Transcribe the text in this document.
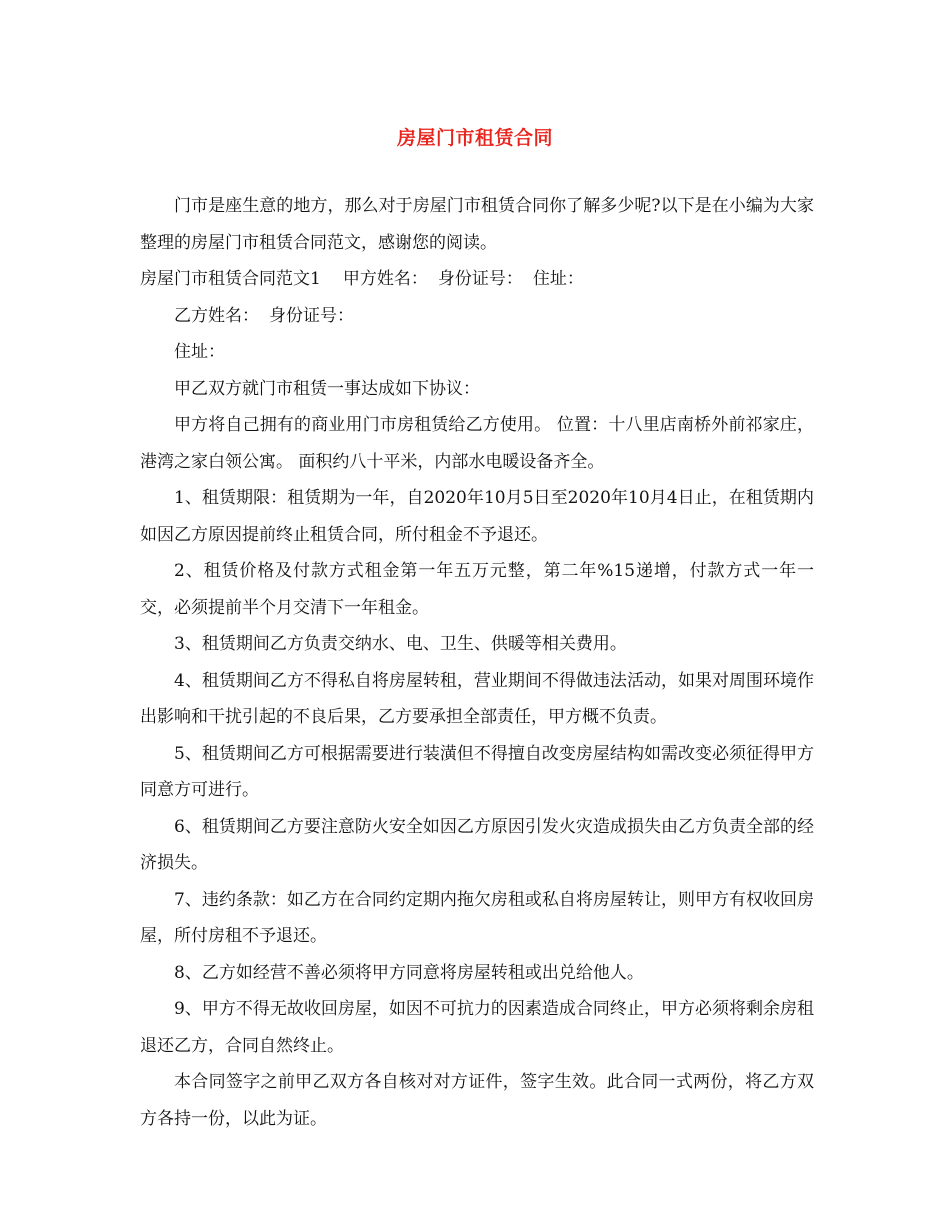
房屋门市租赁合同

门市是座生意的地方，那么对于房屋门市租赁合同你了解多少呢?以下是在小编为大家整理的房屋门市租赁合同范文，感谢您的阅读。

房屋门市租赁合同范文1 甲方姓名： 身份证号： 住址：

乙方姓名： 身份证号：

住址：

甲乙双方就门市租赁一事达成如下协议：

甲方将自己拥有的商业用门市房租赁给乙方使用。 位置：十八里店南桥外前祁家庄，港湾之家白领公寓。 面积约八十平米，内部水电暖设备齐全。

1、租赁期限：租赁期为一年，自2020年10月5日至2020年10月4日止，在租赁期内如因乙方原因提前终止租赁合同，所付租金不予退还。

2、租赁价格及付款方式租金第一年五万元整，第二年%15递增，付款方式一年一交，必须提前半个月交清下一年租金。

3、租赁期间乙方负责交纳水、电、卫生、供暖等相关费用。

4、租赁期间乙方不得私自将房屋转租，营业期间不得做违法活动，如果对周围环境作出影响和干扰引起的不良后果，乙方要承担全部责任，甲方概不负责。

5、租赁期间乙方可根据需要进行装潢但不得擅自改变房屋结构如需改变必须征得甲方同意方可进行。

6、租赁期间乙方要注意防火安全如因乙方原因引发火灾造成损失由乙方负责全部的经济损失。

7、违约条款：如乙方在合同约定期内拖欠房租或私自将房屋转让，则甲方有权收回房屋，所付房租不予退还。

8、乙方如经营不善必须将甲方同意将房屋转租或出兑给他人。

9、甲方不得无故收回房屋，如因不可抗力的因素造成合同终止，甲方必须将剩余房租退还乙方，合同自然终止。

本合同签字之前甲乙双方各自核对对方证件，签字生效。此合同一式两份，将乙方双方各持一份，以此为证。
